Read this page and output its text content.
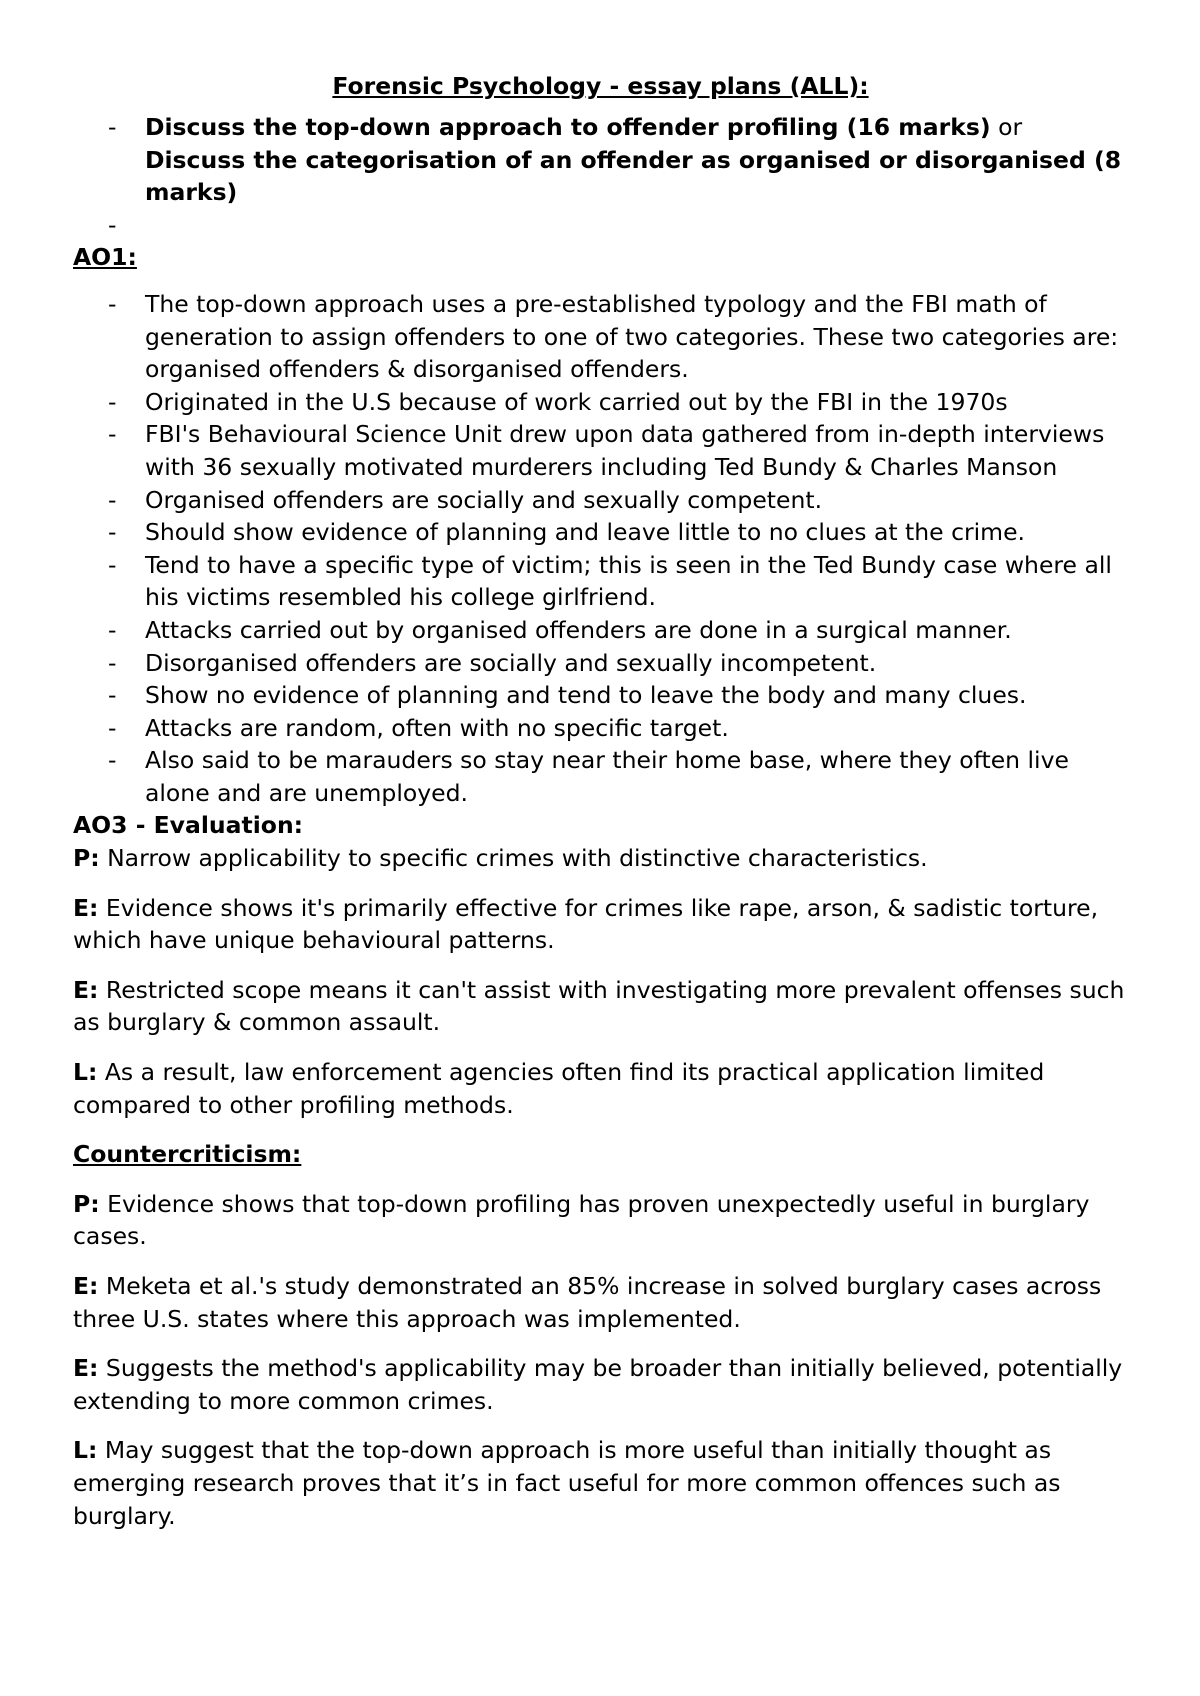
Forensic Psychology - essay plans (ALL):
- Discuss the top-down approach to offender profiling (16 marks) or Discuss the categorisation of an offender as organised or disorganised (8 marks)
-

AO1:
- The top-down approach uses a pre-established typology and the FBI math of generation to assign offenders to one of two categories. These two categories are: organised offenders & disorganised offenders.
- Originated in the U.S because of work carried out by the FBI in the 1970s
- FBI's Behavioural Science Unit drew upon data gathered from in-depth interviews with 36 sexually motivated murderers including Ted Bundy & Charles Manson
- Organised offenders are socially and sexually competent.
- Should show evidence of planning and leave little to no clues at the crime.
- Tend to have a specific type of victim; this is seen in the Ted Bundy case where all his victims resembled his college girlfriend.
- Attacks carried out by organised offenders are done in a surgical manner.
- Disorganised offenders are socially and sexually incompetent.
- Show no evidence of planning and tend to leave the body and many clues.
- Attacks are random, often with no specific target.
- Also said to be marauders so stay near their home base, where they often live alone and are unemployed.
AO3 - Evaluation:
P: Narrow applicability to specific crimes with distinctive characteristics.
E: Evidence shows it's primarily effective for crimes like rape, arson, & sadistic torture, which have unique behavioural patterns.
E: Restricted scope means it can't assist with investigating more prevalent offenses such as burglary & common assault.
L: As a result, law enforcement agencies often find its practical application limited compared to other profiling methods.
Countercriticism:
P: Evidence shows that top-down profiling has proven unexpectedly useful in burglary cases.
E: Meketa et al.'s study demonstrated an 85% increase in solved burglary cases across three U.S. states where this approach was implemented.
E: Suggests the method's applicability may be broader than initially believed, potentially extending to more common crimes.
L: May suggest that the top-down approach is more useful than initially thought as emerging research proves that it’s in fact useful for more common offences such as burglary.
